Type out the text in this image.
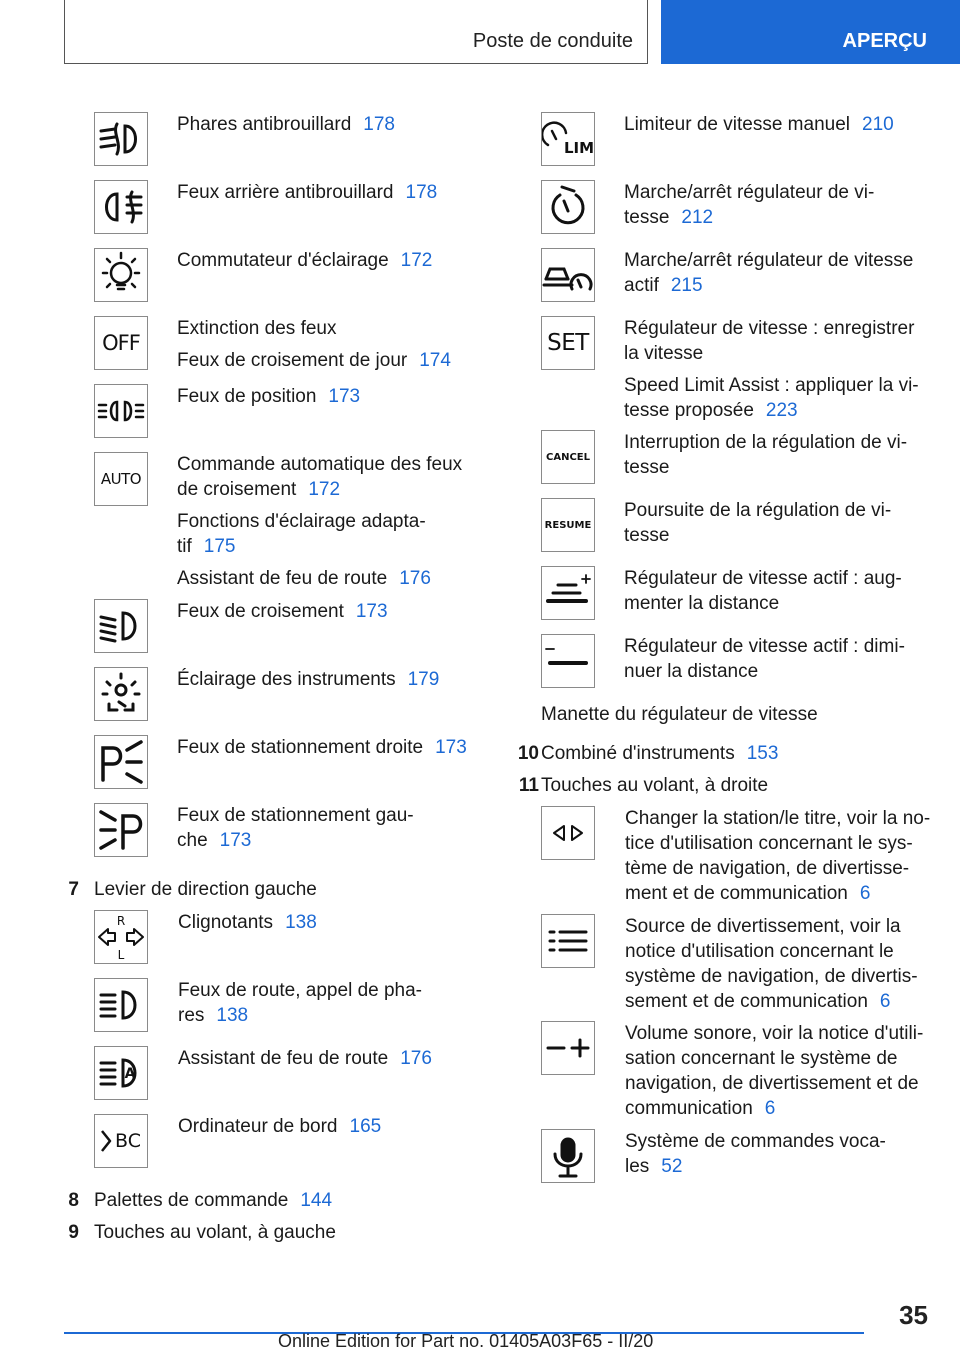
Poste de conduite	APERÇU

Phares antibrouillard 178

Feux arrière antibrouillard 178

Commutateur d'éclairage 172

OFF

Extinction des feux

Feux de croisement de jour 174

Feux de position 173

AUTO

Commande automatique des feux
de croisement 172

Fonctions d'éclairage adapta-
tif 175

Assistant de feu de route 176

Feux de croisement 173

Éclairage des instruments 179

Feux de stationnement droite 173

Feux de stationnement gau-
che 173

7 Levier de direction gauche
R
L

Clignotants 138

Feux de route, appel de pha-
res 138

A

Assistant de feu de route 176

BC

Ordinateur de bord 165

8 Palettes de commande 144
9 Touches au volant, à gauche
LIM

Limiteur de vitesse manuel 210

Marche/arrêt régulateur de vi-
tesse 212

Marche/arrêt régulateur de vitesse
actif 215

SET

Régulateur de vitesse : enregistrer
la vitesse

Speed Limit Assist : appliquer la vi-
tesse proposée 223

CANCEL

Interruption de la régulation de vi-
tesse

RESUME

Poursuite de la régulation de vi-
tesse

Régulateur de vitesse actif : aug-
menter la distance

Régulateur de vitesse actif : dimi-
nuer la distance

Manette du régulateur de vitesse
10 Combiné d'instruments 153
11 Touches au volant, à droite

Changer la station/le titre, voir la no-
tice d'utilisation concernant le sys-
tème de navigation, de divertisse-
ment et de communication 6

Source de divertissement, voir la
notice d'utilisation concernant le
système de navigation, de divertis-
sement et de communication 6

Volume sonore, voir la notice d'utili-
sation concernant le système de
navigation, de divertissement et de
communication 6

Système de commandes voca-
les 52

35
Online Edition for Part no. 01405A03F65 - II/20
